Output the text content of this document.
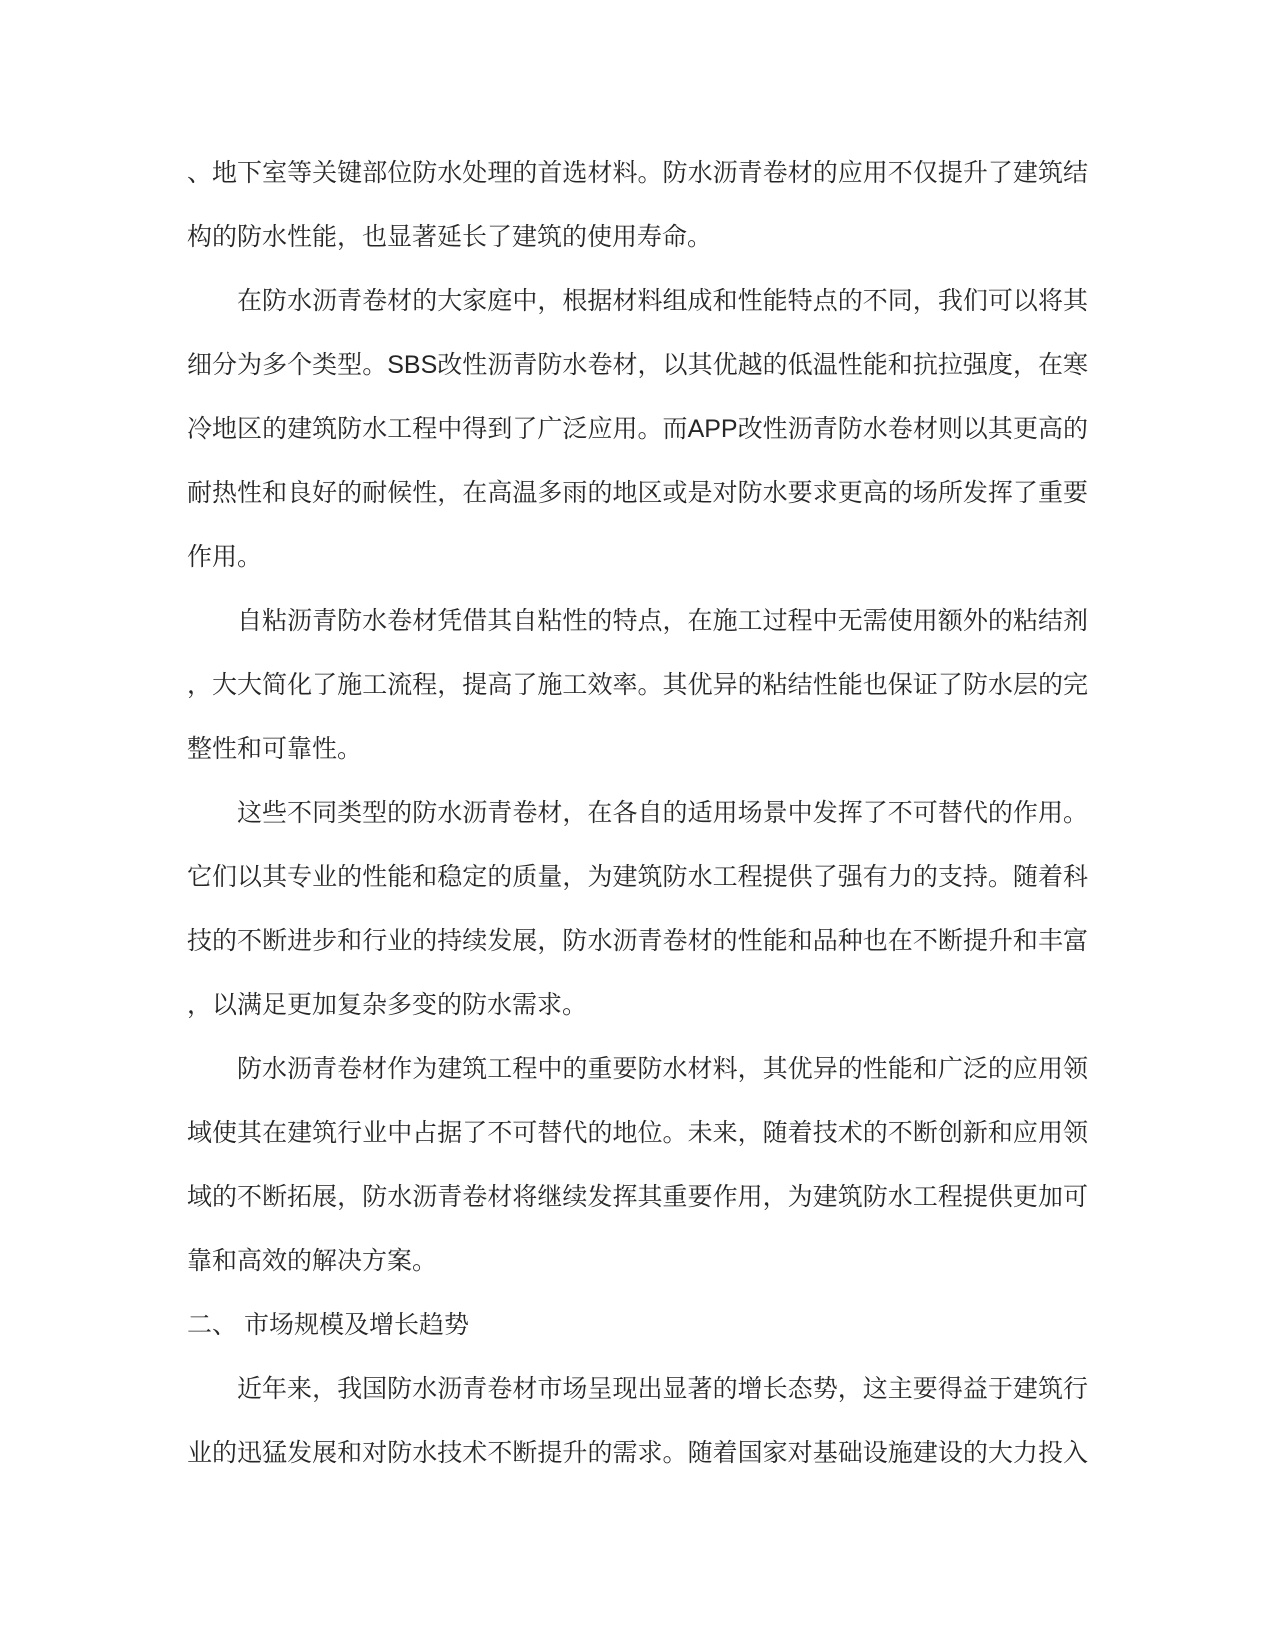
、地下室等关键部位防水处理的首选材料。防水沥青卷材的应用不仅提升了建筑结
构的防水性能，也显著延长了建筑的使用寿命。
在防水沥青卷材的大家庭中，根据材料组成和性能特点的不同，我们可以将其
细分为多个类型。SBS改性沥青防水卷材，以其优越的低温性能和抗拉强度，在寒
冷地区的建筑防水工程中得到了广泛应用。而APP改性沥青防水卷材则以其更高的
耐热性和良好的耐候性，在高温多雨的地区或是对防水要求更高的场所发挥了重要
作用。
自粘沥青防水卷材凭借其自粘性的特点，在施工过程中无需使用额外的粘结剂
，大大简化了施工流程，提高了施工效率。其优异的粘结性能也保证了防水层的完
整性和可靠性。
这些不同类型的防水沥青卷材，在各自的适用场景中发挥了不可替代的作用。
它们以其专业的性能和稳定的质量，为建筑防水工程提供了强有力的支持。随着科
技的不断进步和行业的持续发展，防水沥青卷材的性能和品种也在不断提升和丰富
，以满足更加复杂多变的防水需求。
防水沥青卷材作为建筑工程中的重要防水材料，其优异的性能和广泛的应用领
域使其在建筑行业中占据了不可替代的地位。未来，随着技术的不断创新和应用领
域的不断拓展，防水沥青卷材将继续发挥其重要作用，为建筑防水工程提供更加可
靠和高效的解决方案。
二、 市场规模及增长趋势
近年来，我国防水沥青卷材市场呈现出显著的增长态势，这主要得益于建筑行
业的迅猛发展和对防水技术不断提升的需求。随着国家对基础设施建设的大力投入
